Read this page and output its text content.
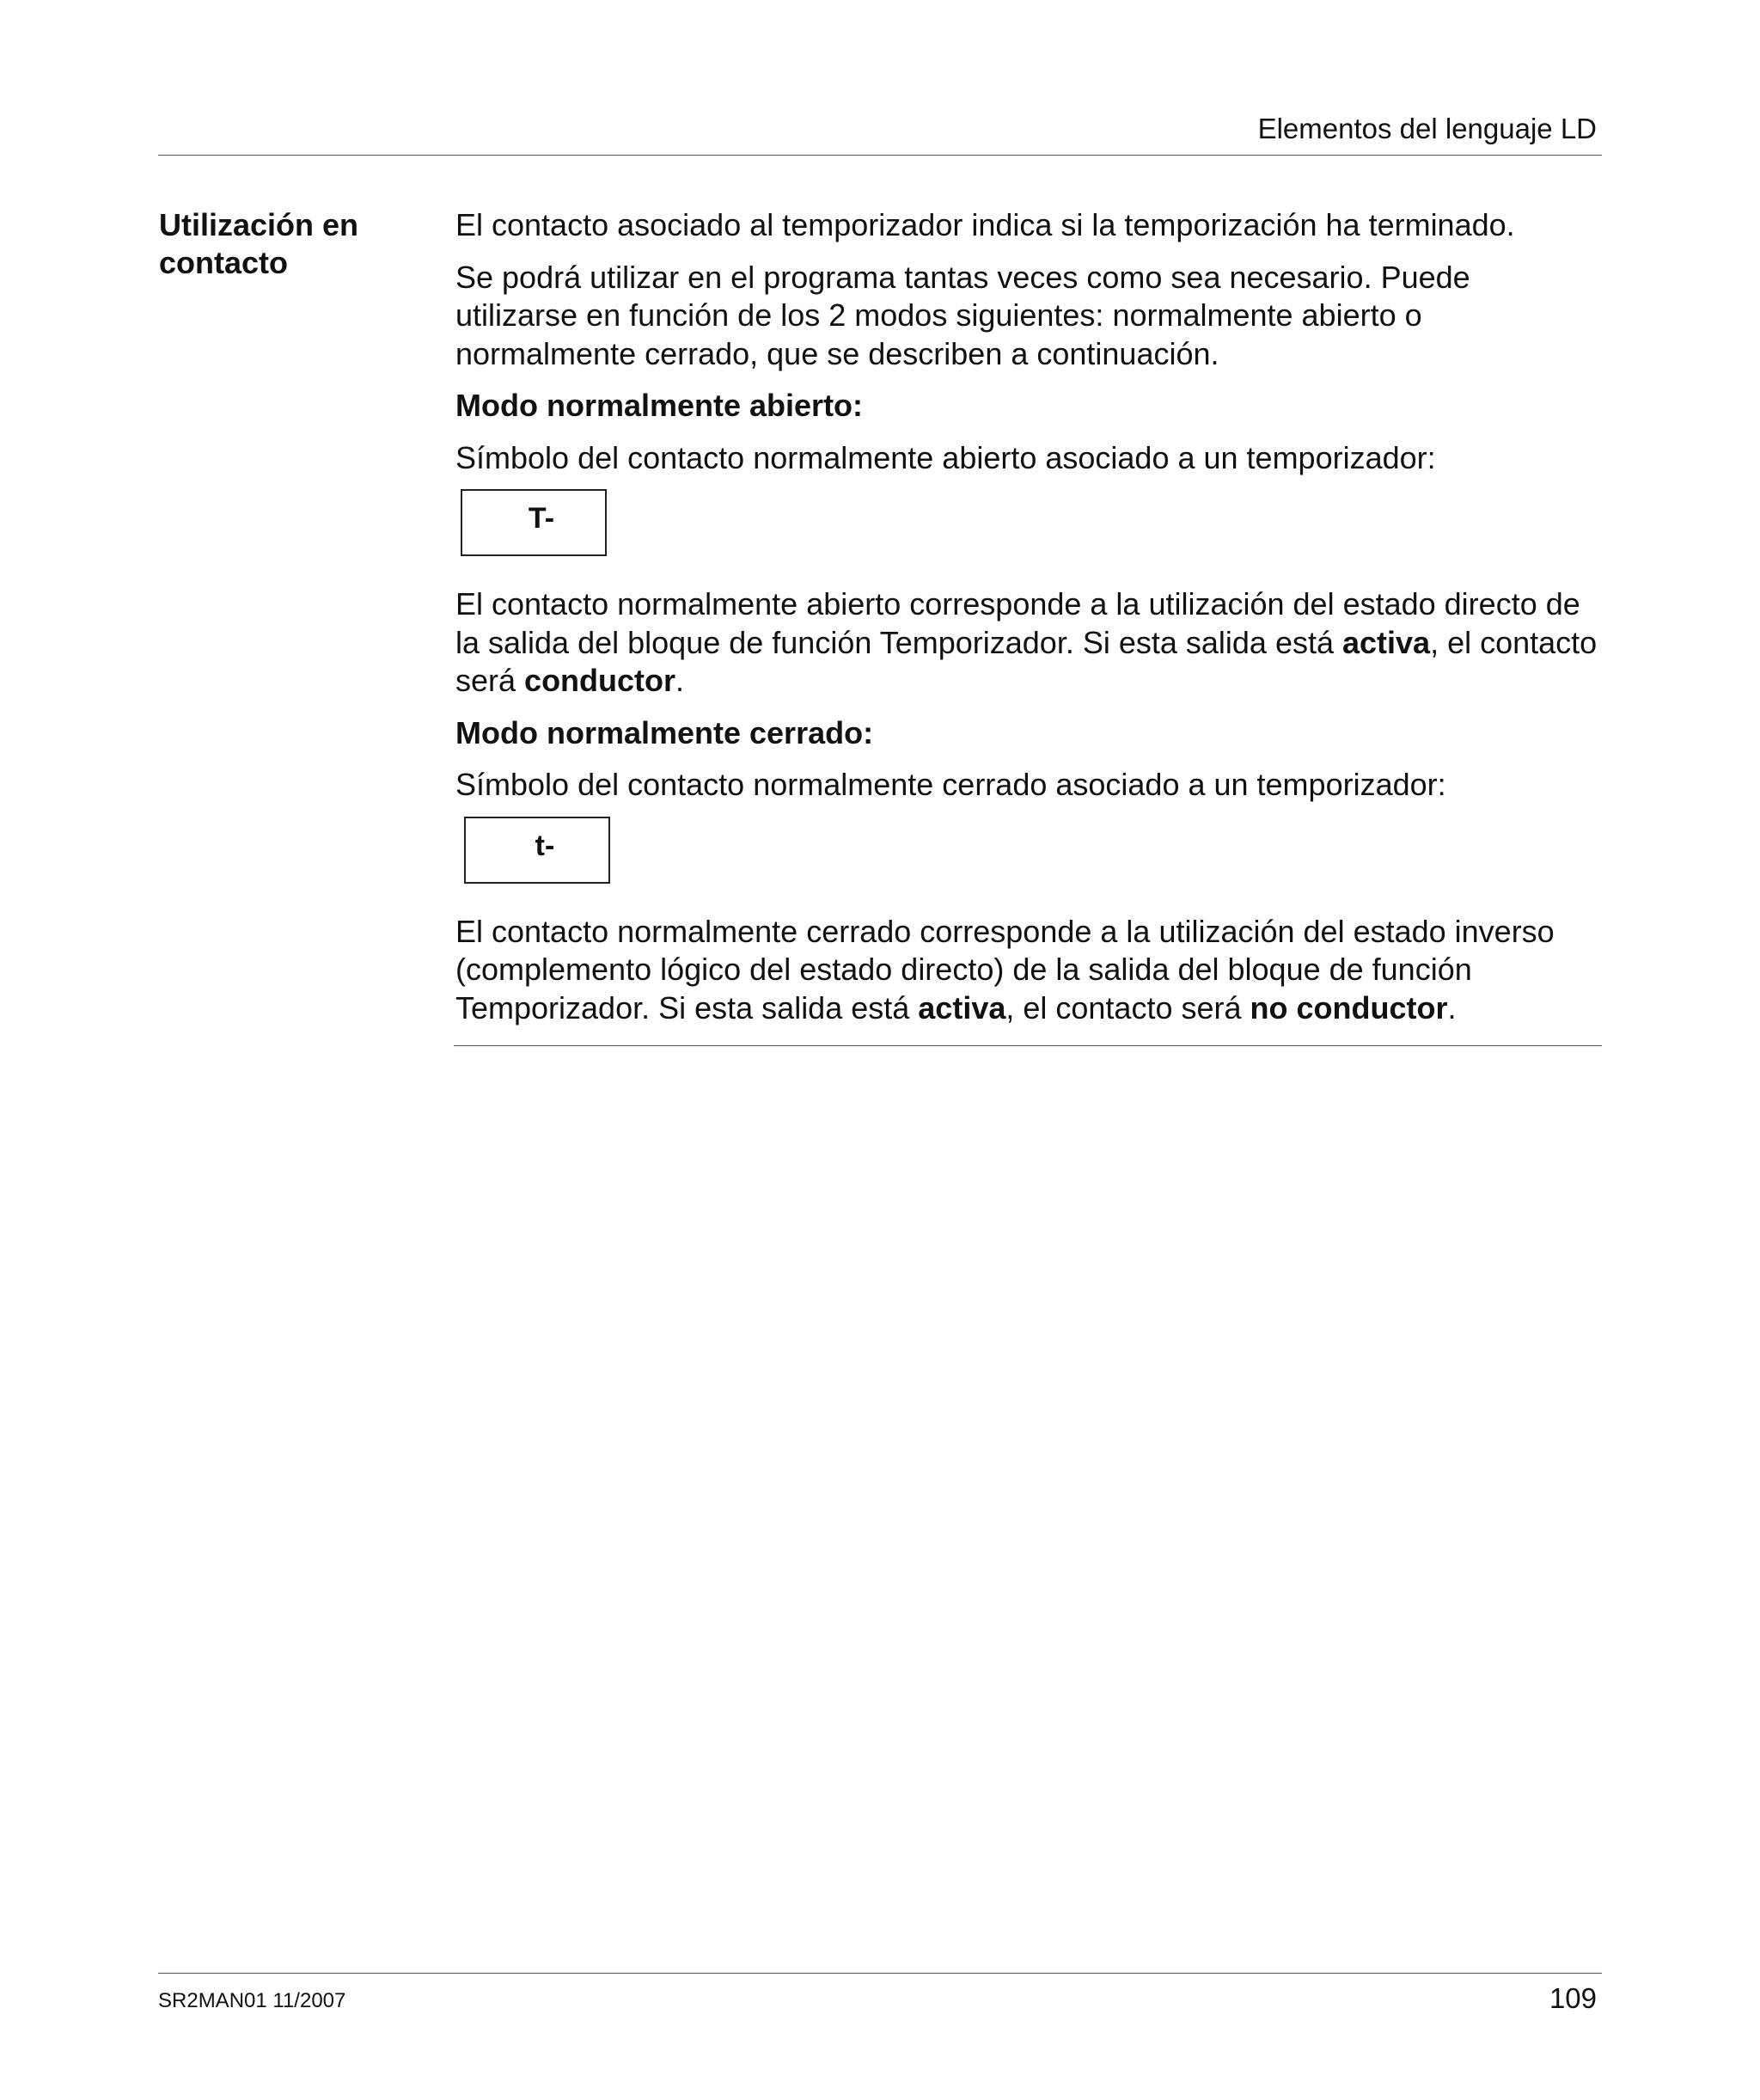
Elementos del lenguaje LD
Utilización en contacto

El contacto asociado al temporizador indica si la temporización ha terminado.

Se podrá utilizar en el programa tantas veces como sea necesario. Puede utilizarse en función de los 2 modos siguientes: normalmente abierto o normalmente cerrado, que se describen a continuación.

Modo normalmente abierto:

Símbolo del contacto normalmente abierto asociado a un temporizador:

T-

El contacto normalmente abierto corresponde a la utilización del estado directo de la salida del bloque de función Temporizador. Si esta salida está activa, el contacto será conductor.

Modo normalmente cerrado:

Símbolo del contacto normalmente cerrado asociado a un temporizador:

t-

El contacto normalmente cerrado corresponde a la utilización del estado inverso (complemento lógico del estado directo) de la salida del bloque de función Temporizador. Si esta salida está activa, el contacto será no conductor.

SR2MAN01 11/2007	109
